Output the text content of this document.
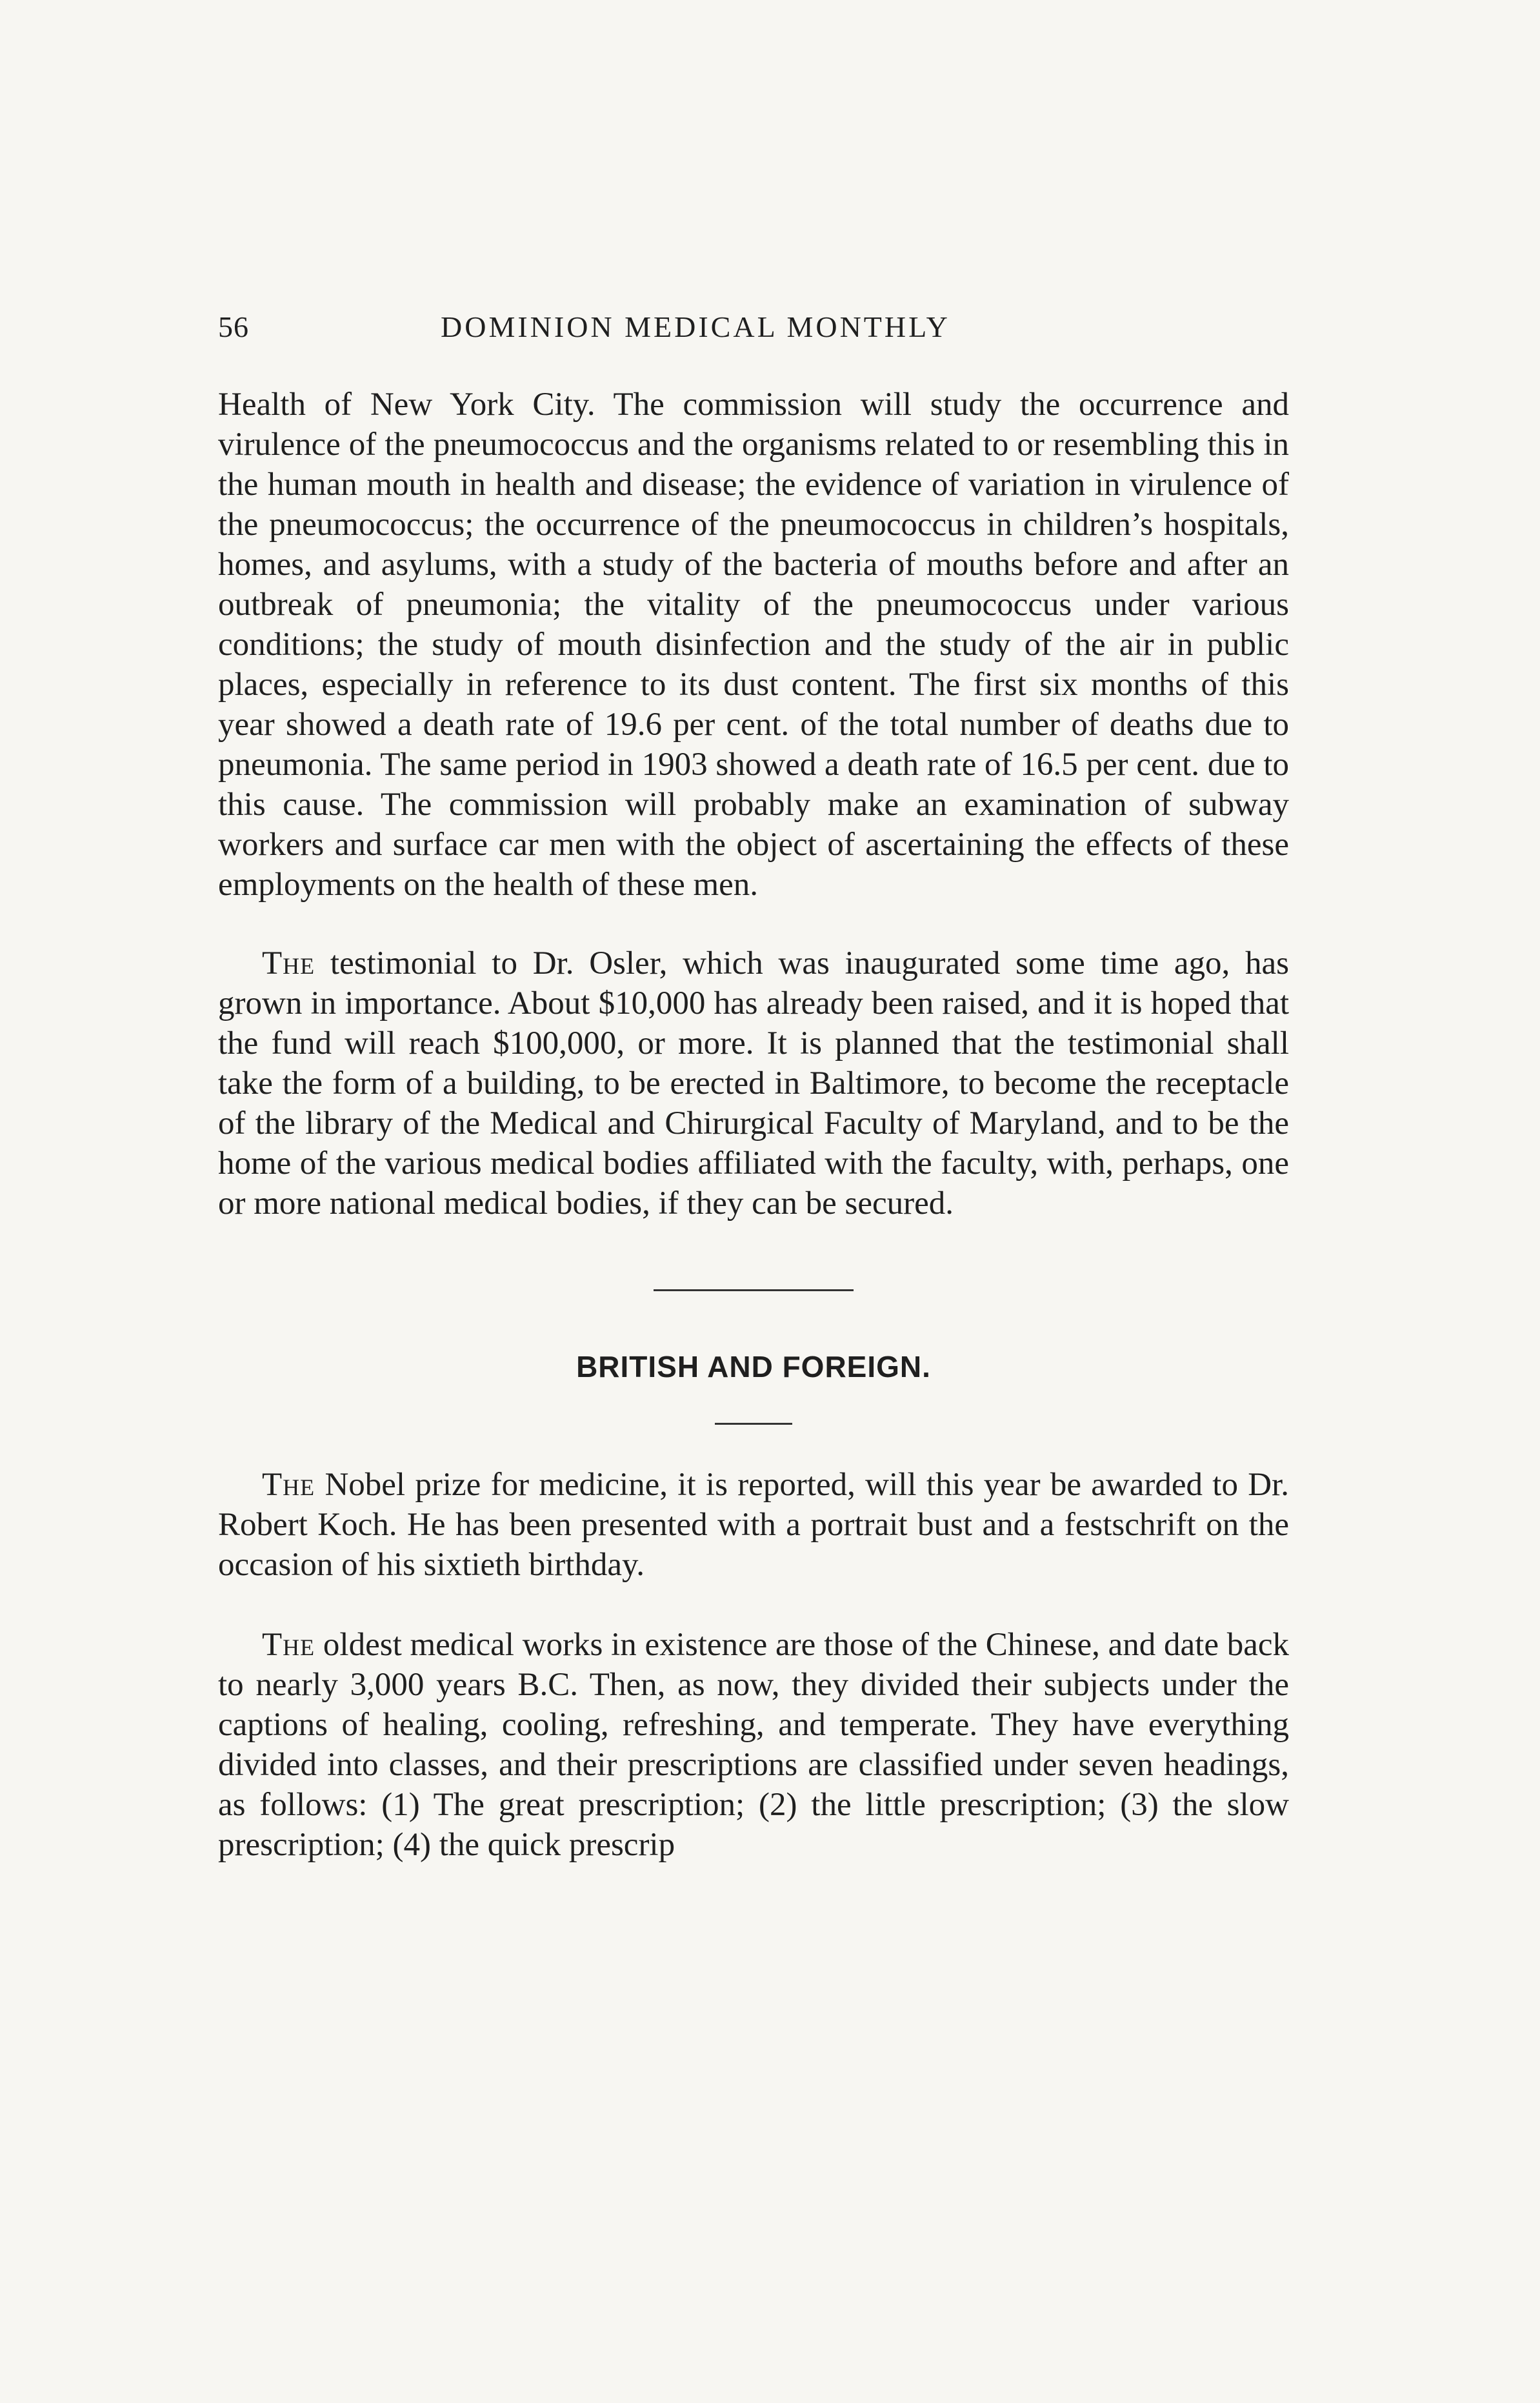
56	DOMINION MEDICAL MONTHLY

Health of New York City. The commission will study the occurrence and virulence of the pneumococcus and the organisms related to or resembling this in the human mouth in health and disease; the evidence of variation in virulence of the pneumococcus; the occurrence of the pneumococcus in children’s hospitals, homes, and asylums, with a study of the bacteria of mouths before and after an outbreak of pneumonia; the vitality of the pneumococcus under various conditions; the study of mouth disinfection and the study of the air in public places, especially in reference to its dust content. The first six months of this year showed a death rate of 19.6 per cent. of the total number of deaths due to pneumonia. The same period in 1903 showed a death rate of 16.5 per cent. due to this cause. The commission will probably make an examination of subway workers and surface car men with the object of ascertaining the effects of these employments on the health of these men.

The testimonial to Dr. Osler, which was inaugurated some time ago, has grown in importance. About $10,000 has already been raised, and it is hoped that the fund will reach $100,000, or more. It is planned that the testimonial shall take the form of a building, to be erected in Baltimore, to become the receptacle of the library of the Medical and Chirurgical Faculty of Maryland, and to be the home of the various medical bodies affiliated with the faculty, with, perhaps, one or more national medical bodies, if they can be secured.

BRITISH AND FOREIGN.

The Nobel prize for medicine, it is reported, will this year be awarded to Dr. Robert Koch. He has been presented with a portrait bust and a festschrift on the occasion of his sixtieth birthday.

The oldest medical works in existence are those of the Chinese, and date back to nearly 3,000 years B.C. Then, as now, they divided their subjects under the captions of healing, cooling, refreshing, and temperate. They have everything divided into classes, and their prescriptions are classified under seven headings, as follows: (1) The great prescription; (2) the little prescription; (3) the slow prescription; (4) the quick prescrip
